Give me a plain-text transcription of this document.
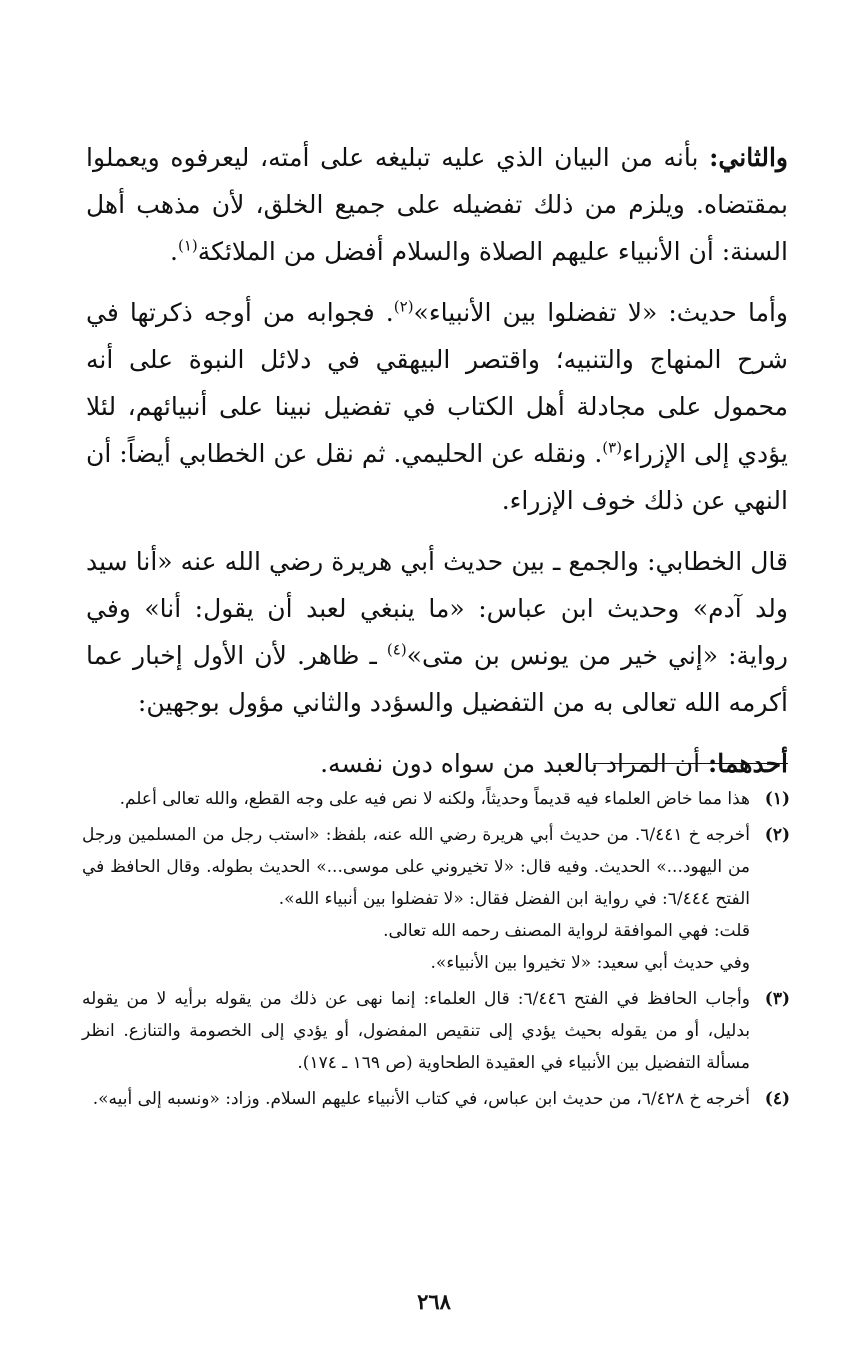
والثاني: بأنه من البيان الذي عليه تبليغه على أمته، ليعرفوه ويعملوا بمقتضاه. ويلزم من ذلك تفضيله على جميع الخلق، لأن مذهب أهل السنة: أن الأنبياء عليهم الصلاة والسلام أفضل من الملائكة$^{(١)}$.

وأما حديث: «لا تفضلوا بين الأنبياء»$^{(٢)}$. فجوابه من أوجه ذكرتها في شرح المنهاج والتنبيه؛ واقتصر البيهقي في دلائل النبوة على أنه محمول على مجادلة أهل الكتاب في تفضيل نبينا على أنبيائهم، لئلا يؤدي إلى الإزراء$^{(٣)}$. ونقله عن الحليمي. ثم نقل عن الخطابي أيضاً: أن النهي عن ذلك خوف الإزراء.

قال الخطابي: والجمع ـ بين حديث أبي هريرة رضي الله عنه «أنا سيد ولد آدم» وحديث ابن عباس: «ما ينبغي لعبد أن يقول: أنا» وفي رواية: «إني خير من يونس بن متى»$^{(٤)}$ ـ ظاهر. لأن الأول إخبار عما أكرمه الله تعالى به من التفضيل والسؤدد والثاني مؤول بوجهين:

أحدهما: أن المراد بالعبد من سواه دون نفسه.

(١)

هذا مما خاض العلماء فيه قديماً وحديثاً، ولكنه لا نص فيه على وجه القطع، والله تعالى أعلم.

(٢)

أخرجه خ ٦/٤٤١. من حديث أبي هريرة رضي الله عنه، بلفظ: «استب رجل من المسلمين ورجل من اليهود...» الحديث. وفيه قال: «لا تخيروني على موسى...» الحديث بطوله. وقال الحافظ في الفتح ٦/٤٤٤: في رواية ابن الفضل فقال: «لا تفضلوا بين أنبياء الله».

قلت: فهي الموافقة لرواية المصنف رحمه الله تعالى.

وفي حديث أبي سعيد: «لا تخيروا بين الأنبياء».

(٣)

وأجاب الحافظ في الفتح ٦/٤٤٦: قال العلماء: إنما نهى عن ذلك من يقوله برأيه لا من يقوله بدليل، أو من يقوله بحيث يؤدي إلى تنقيص المفضول، أو يؤدي إلى الخصومة والتنازع. انظر مسألة التفضيل بين الأنبياء في العقيدة الطحاوية (ص ١٦٩ ـ ١٧٤).

(٤)

أخرجه خ ٦/٤٢٨، من حديث ابن عباس، في كتاب الأنبياء عليهم السلام. وزاد: «ونسبه إلى أبيه».

٢٦٨
